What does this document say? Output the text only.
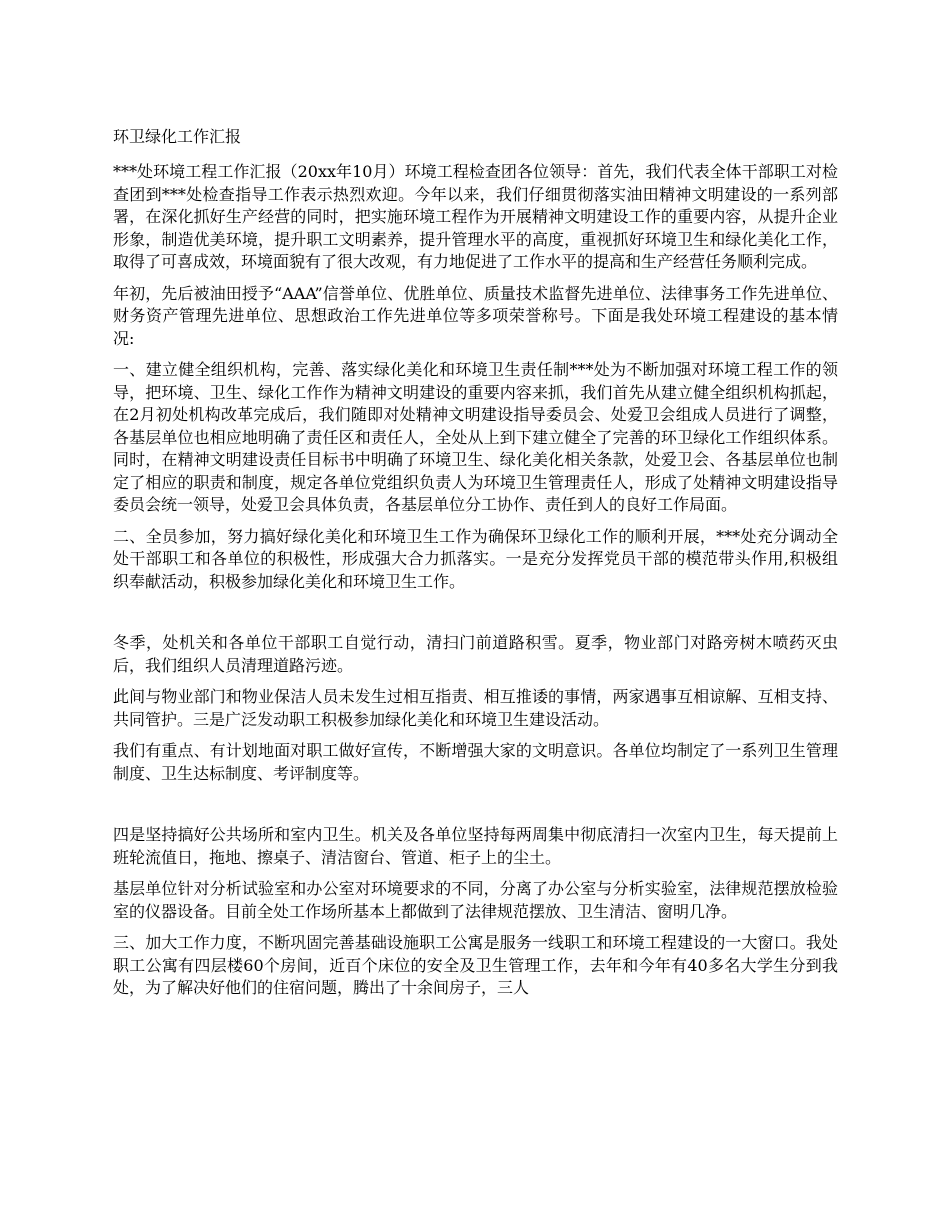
环卫绿化工作汇报

***处环境工程工作汇报（20xx年10月）环境工程检查团各位领导：首先，我们代表全体干部职工对检查团到***处检查指导工作表示热烈欢迎。今年以来，我们仔细贯彻落实油田精神文明建设的一系列部署，在深化抓好生产经营的同时，把实施环境工程作为开展精神文明建设工作的重要内容，从提升企业形象，制造优美环境，提升职工文明素养，提升管理水平的高度，重视抓好环境卫生和绿化美化工作，取得了可喜成效，环境面貌有了很大改观，有力地促进了工作水平的提高和生产经营任务顺利完成。

年初，先后被油田授予“AAA”信誉单位、优胜单位、质量技术监督先进单位、法律事务工作先进单位、财务资产管理先进单位、思想政治工作先进单位等多项荣誉称号。下面是我处环境工程建设的基本情况:

一、建立健全组织机构，完善、落实绿化美化和环境卫生责任制***处为不断加强对环境工程工作的领导，把环境、卫生、绿化工作作为精神文明建设的重要内容来抓，我们首先从建立健全组织机构抓起，在2月初处机构改革完成后，我们随即对处精神文明建设指导委员会、处爱卫会组成人员进行了调整，各基层单位也相应地明确了责任区和责任人，全处从上到下建立健全了完善的环卫绿化工作组织体系。同时，在精神文明建设责任目标书中明确了环境卫生、绿化美化相关条款，处爱卫会、各基层单位也制定了相应的职责和制度，规定各单位党组织负责人为环境卫生管理责任人，形成了处精神文明建设指导委员会统一领导，处爱卫会具体负责，各基层单位分工协作、责任到人的良好工作局面。

二、全员参加，努力搞好绿化美化和环境卫生工作为确保环卫绿化工作的顺利开展，***处充分调动全处干部职工和各单位的积极性，形成强大合力抓落实。一是充分发挥党员干部的模范带头作用,积极组织奉献活动，积极参加绿化美化和环境卫生工作。

冬季，处机关和各单位干部职工自觉行动，清扫门前道路积雪。夏季，物业部门对路旁树木喷药灭虫后，我们组织人员清理道路污迹。

此间与物业部门和物业保洁人员未发生过相互指责、相互推诿的事情，两家遇事互相谅解、互相支持、共同管护。三是广泛发动职工积极参加绿化美化和环境卫生建设活动。

我们有重点、有计划地面对职工做好宣传，不断增强大家的文明意识。各单位均制定了一系列卫生管理制度、卫生达标制度、考评制度等。

四是坚持搞好公共场所和室内卫生。机关及各单位坚持每两周集中彻底清扫一次室内卫生，每天提前上班轮流值日，拖地、擦桌子、清洁窗台、管道、柜子上的尘土。

基层单位针对分析试验室和办公室对环境要求的不同，分离了办公室与分析实验室，法律规范摆放检验室的仪器设备。目前全处工作场所基本上都做到了法律规范摆放、卫生清洁、窗明几净。

三、加大工作力度，不断巩固完善基础设施职工公寓是服务一线职工和环境工程建设的一大窗口。我处职工公寓有四层楼60个房间，近百个床位的安全及卫生管理工作，去年和今年有40多名大学生分到我处，为了解决好他们的住宿问题，腾出了十余间房子，三人
